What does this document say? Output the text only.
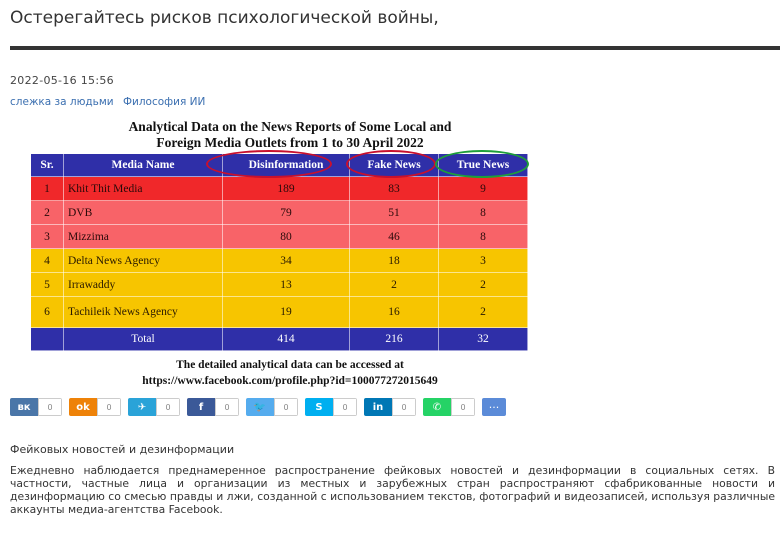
Остерегайтесь рисков психологической войны,
2022-05-16 15:56
слежка за людьми Философия ИИ
Analytical Data on the News Reports of Some Local and
Foreign Media Outlets from 1 to 30 April 2022
Sr.	Media Name	Disinformation	Fake News	True News
1	Khit Thit Media	189	83	9
2	DVB	79	51	8
3	Mizzima	80	46	8
4	Delta News Agency	34	18	3
5	Irrawaddy	13	2	2
6	Tachileik News Agency	19	16	2
	Total	414	216	32
The detailed analytical data can be accessed at
https://www.facebook.com/profile.php?id=100077272015649
вк	0	ok	0	✈	0	f	0	🐦	0	S	0	in	0	✆	0	···
Фейковых новостей и дезинформации
Ежедневно наблюдается преднамеренное распространение фейковых новостей и дезинформации в социальных сетях. В частности, частные лица и организации из местных и зарубежных стран распространяют сфабрикованные новости и дезинформацию со смесью правды и лжи, созданной с использованием текстов, фотографий и видеозаписей, используя различные аккаунты медиа-агентства Facebook.
